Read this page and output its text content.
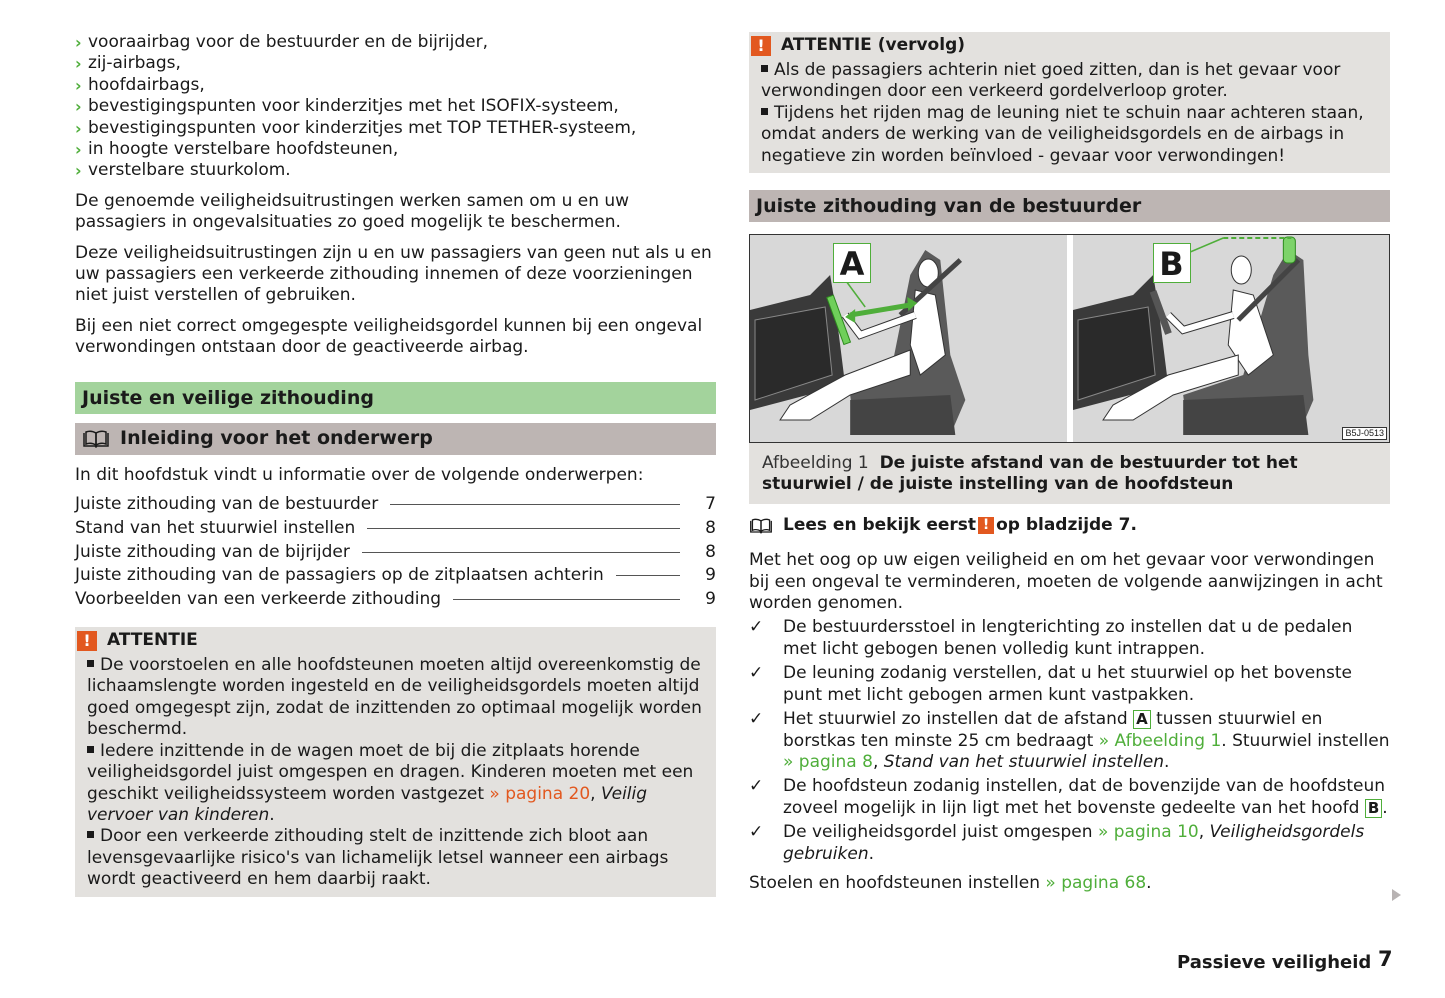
› vooraairbag voor de bestuurder en de bijrijder,
› zij-airbags,
› hoofdairbags,
› bevestigingspunten voor kinderzitjes met het ISOFIX-systeem,
› bevestigingspunten voor kinderzitjes met TOP TETHER-systeem,
› in hoogte verstelbare hoofdsteunen,
› verstelbare stuurkolom.

De genoemde veiligheidsuitrustingen werken samen om u en uw passagiers in ongevalsituaties zo goed mogelijk te beschermen.

Deze veiligheidsuitrustingen zijn u en uw passagiers van geen nut als u en uw passagiers een verkeerde zithouding innemen of deze voorzieningen niet juist verstellen of gebruiken.

Bij een niet correct omgegespte veiligheidsgordel kunnen bij een ongeval verwondingen ontstaan door de geactiveerde airbag.

Juiste en veilige zithouding
Inleiding voor het onderwerp

In dit hoofdstuk vindt u informatie over de volgende onderwerpen:

Juiste zithouding van de bestuurder	7
Stand van het stuurwiel instellen	8
Juiste zithouding van de bijrijder	8
Juiste zithouding van de passagiers op de zitplaatsen achterin	9
Voorbeelden van een verkeerde zithouding	9
! ATTENTIE
De voorstoelen en alle hoofdsteunen moeten altijd overeenkomstig de lichaamslengte worden ingesteld en de veiligheidsgordels moeten altijd goed omgegespt zijn, zodat de inzittenden zo optimaal mogelijk worden beschermd.
Iedere inzittende in de wagen moet de bij die zitplaats horende veiligheidsgordel juist omgespen en dragen. Kinderen moeten met een geschikt veiligheidssysteem worden vastgezet » pagina 20, Veilig vervoer van kinderen.
Door een verkeerde zithouding stelt de inzittende zich bloot aan levensgevaarlijke risico's van lichamelijk letsel wanneer een airbags wordt geactiveerd en hem daarbij raakt.
! ATTENTIE (vervolg)
Als de passagiers achterin niet goed zitten, dan is het gevaar voor verwondingen door een verkeerd gordelverloop groter.
Tijdens het rijden mag de leuning niet te schuin naar achteren staan, omdat anders de werking van de veiligheidsgordels en de airbags in negatieve zin worden beïnvloed - gevaar voor verwondingen!
Juiste zithouding van de bestuurder
A	B
B5J-0513
Afbeelding 1 De juiste afstand van de bestuurder tot het stuurwiel / de juiste instelling van de hoofdsteun
Lees en bekijk eerst ! op bladzijde 7.

Met het oog op uw eigen veiligheid en om het gevaar voor verwondingen bij een ongeval te verminderen, moeten de volgende aanwijzingen in acht worden genomen.

✓ De bestuurdersstoel in lengterichting zo instellen dat u de pedalen met licht gebogen benen volledig kunt intrappen.
✓ De leuning zodanig verstellen, dat u het stuurwiel op het bovenste punt met licht gebogen armen kunt vastpakken.
✓ Het stuurwiel zo instellen dat de afstand A tussen stuurwiel en borstkas ten minste 25 cm bedraagt » Afbeelding 1. Stuurwiel instellen » pagina 8, Stand van het stuurwiel instellen.
✓ De hoofdsteun zodanig instellen, dat de bovenzijde van de hoofdsteun zoveel mogelijk in lijn ligt met het bovenste gedeelte van het hoofd B .
✓ De veiligheidsgordel juist omgespen » pagina 10, Veiligheidsgordels gebruiken.

Stoelen en hoofdsteunen instellen » pagina 68.

Passieve veiligheid 7
